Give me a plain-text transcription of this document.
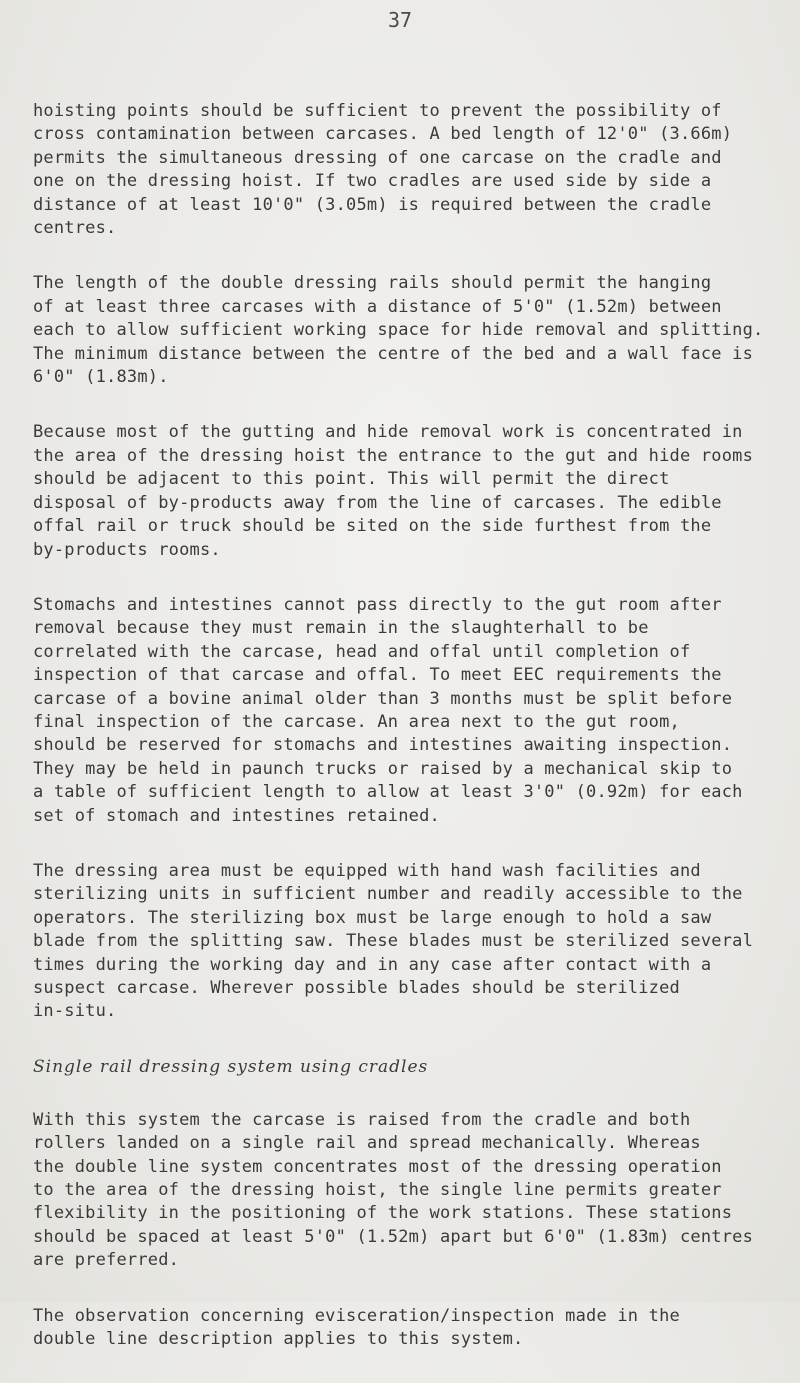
37

hoisting points should be sufficient to prevent the possibility of
cross contamination between carcases. A bed length of 12'0" (3.66m)
permits the simultaneous dressing of one carcase on the cradle and
one on the dressing hoist. If two cradles are used side by side a
distance of at least 10'0" (3.05m) is required between the cradle
centres.

The length of the double dressing rails should permit the hanging
of at least three carcases with a distance of 5'0" (1.52m) between
each to allow sufficient working space for hide removal and splitting.
The minimum distance between the centre of the bed and a wall face is
6'0" (1.83m).

Because most of the gutting and hide removal work is concentrated in
the area of the dressing hoist the entrance to the gut and hide rooms
should be adjacent to this point. This will permit the direct
disposal of by-products away from the line of carcases. The edible
offal rail or truck should be sited on the side furthest from the
by-products rooms.

Stomachs and intestines cannot pass directly to the gut room after
removal because they must remain in the slaughterhall to be
correlated with the carcase, head and offal until completion of
inspection of that carcase and offal. To meet EEC requirements the
carcase of a bovine animal older than 3 months must be split before
final inspection of the carcase. An area next to the gut room,
should be reserved for stomachs and intestines awaiting inspection.
They may be held in paunch trucks or raised by a mechanical skip to
a table of sufficient length to allow at least 3'0" (0.92m) for each
set of stomach and intestines retained.

The dressing area must be equipped with hand wash facilities and
sterilizing units in sufficient number and readily accessible to the
operators. The sterilizing box must be large enough to hold a saw
blade from the splitting saw. These blades must be sterilized several
times during the working day and in any case after contact with a
suspect carcase. Wherever possible blades should be sterilized
in-situ.

Single rail dressing system using cradles

With this system the carcase is raised from the cradle and both
rollers landed on a single rail and spread mechanically. Whereas
the double line system concentrates most of the dressing operation
to the area of the dressing hoist, the single line permits greater
flexibility in the positioning of the work stations. These stations
should be spaced at least 5'0" (1.52m) apart but 6'0" (1.83m) centres
are preferred.

The observation concerning evisceration/inspection made in the
double line description applies to this system.
